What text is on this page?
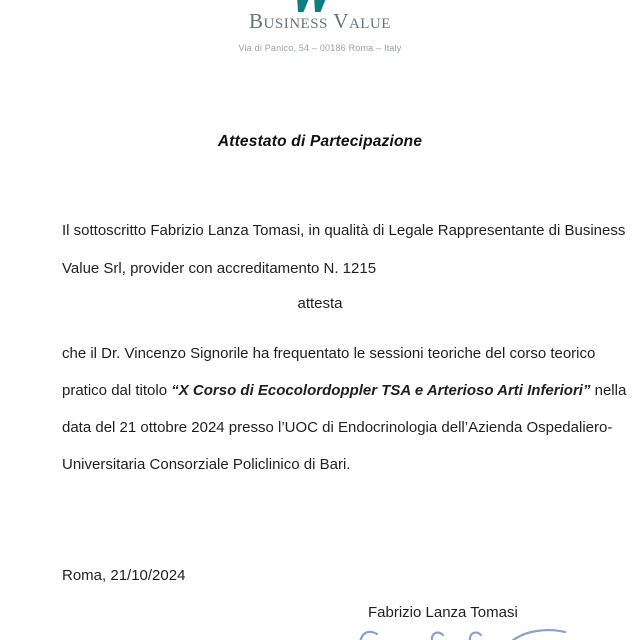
Business Value
Via di Panico, 54 – 00186 Roma – Italy
Attestato di Partecipazione
Il sottoscritto Fabrizio Lanza Tomasi, in qualità di Legale Rappresentante di Business
Value Srl, provider con accreditamento N. 1215
attesta
che il Dr. Vincenzo Signorile ha frequentato le sessioni teoriche del corso teorico
pratico dal titolo “X Corso di Ecocolordoppler TSA e Arterioso Arti Inferiori” nella
data del 21 ottobre 2024 presso l’UOC di Endocrinologia dell’Azienda Ospedaliero-
Universitaria Consorziale Policlinico di Bari.
Roma, 21/10/2024
Fabrizio Lanza Tomasi
